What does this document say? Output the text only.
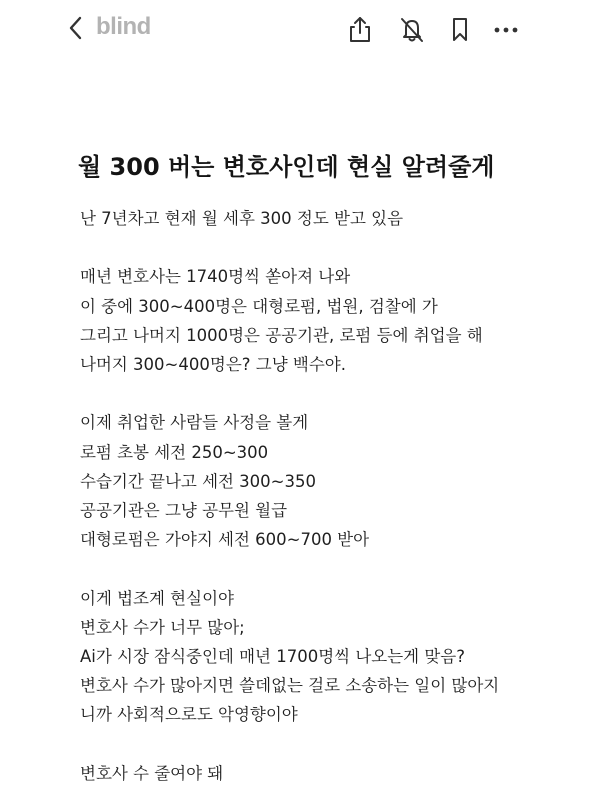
blind
월 300 버는 변호사인데 현실 알려줄게

난 7년차고 현재 월 세후 300 정도 받고 있음

매년 변호사는 1740명씩 쏟아져 나와

이 중에 300~400명은 대형로펌, 법원, 검찰에 가

그리고 나머지 1000명은 공공기관, 로펌 등에 취업을 해

나머지 300~400명은? 그냥 백수야.

이제 취업한 사람들 사정을 볼게

로펌 초봉 세전 250~300

수습기간 끝나고 세전 300~350

공공기관은 그냥 공무원 월급

대형로펌은 가야지 세전 600~700 받아

이게 법조계 현실이야

변호사 수가 너무 많아;

Ai가 시장 잠식중인데 매년 1700명씩 나오는게 맞음?

변호사 수가 많아지면 쓸데없는 걸로 소송하는 일이 많아지

니까 사회적으로도 악영향이야

변호사 수 줄여야 돼
